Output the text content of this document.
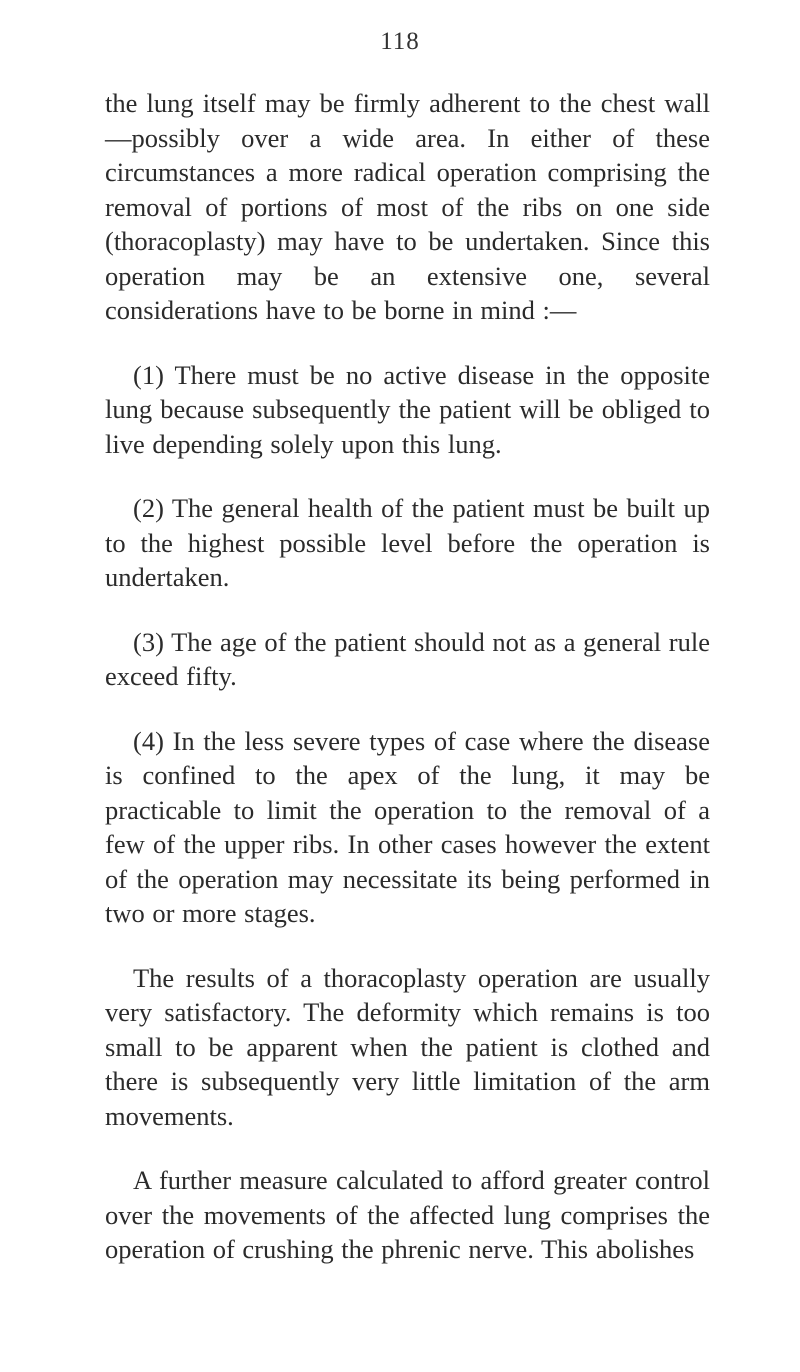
118

the lung itself may be firmly adherent to the chest wall—possibly over a wide area. In either of these circumstances a more radical operation comprising the removal of portions of most of the ribs on one side (thoracoplasty) may have to be undertaken. Since this operation may be an extensive one, several considerations have to be borne in mind :—

(1) There must be no active disease in the opposite lung because subsequently the patient will be obliged to live depending solely upon this lung.

(2) The general health of the patient must be built up to the highest possible level before the operation is undertaken.

(3) The age of the patient should not as a general rule exceed fifty.

(4) In the less severe types of case where the disease is confined to the apex of the lung, it may be practicable to limit the operation to the removal of a few of the upper ribs. In other cases however the extent of the operation may necessitate its being performed in two or more stages.

The results of a thoracoplasty operation are usually very satisfactory. The deformity which remains is too small to be apparent when the patient is clothed and there is subsequently very little limitation of the arm movements.

A further measure calculated to afford greater control over the movements of the affected lung comprises the operation of crushing the phrenic nerve. This abolishes
